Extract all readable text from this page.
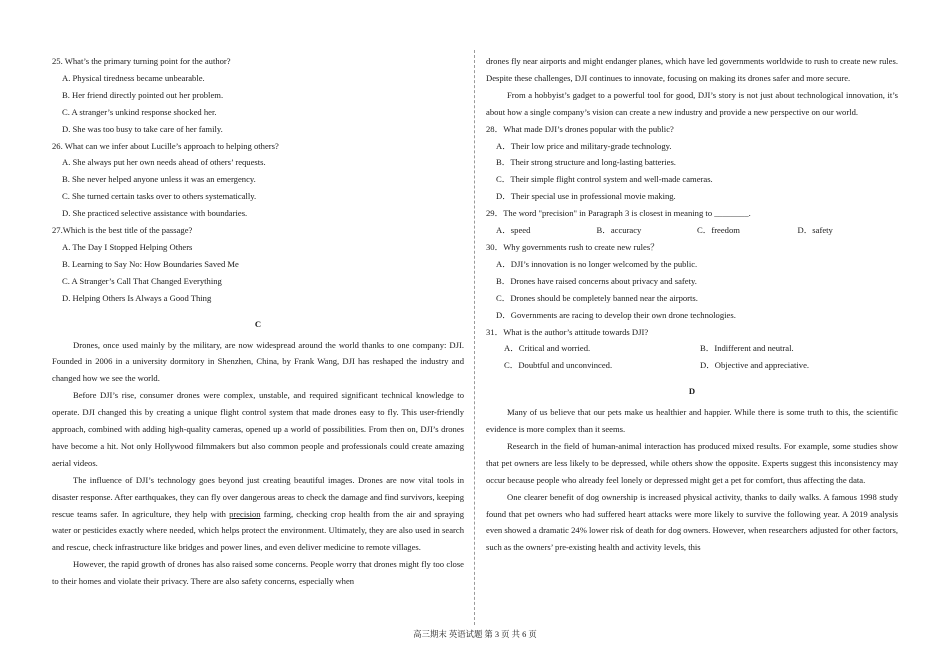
25. What’s the primary turning point for the author?

A. Physical tiredness became unbearable.

B. Her friend directly pointed out her problem.

C. A stranger’s unkind response shocked her.

D. She was too busy to take care of her family.

26. What can we infer about Lucille’s approach to helping others?

A. She always put her own needs ahead of others’ requests.

B. She never helped anyone unless it was an emergency.

C. She turned certain tasks over to others systematically.

D. She practiced selective assistance with boundaries.

27.Which is the best title of the passage?

A. The Day I Stopped Helping Others

B. Learning to Say No: How Boundaries Saved Me

C. A Stranger’s Call That Changed Everything

D. Helping Others Is Always a Good Thing

C

Drones, once used mainly by the military, are now widespread around the world thanks to one company: DJI. Founded in 2006 in a university dormitory in Shenzhen, China, by Frank Wang, DJI has reshaped the industry and changed how we see the world.

Before DJI’s rise, consumer drones were complex, unstable, and required significant technical knowledge to operate. DJI changed this by creating a unique flight control system that made drones easy to fly. This user-friendly approach, combined with adding high-quality cameras, opened up a world of possibilities. From then on, DJI’s drones have become a hit. Not only Hollywood filmmakers but also common people and professionals could create amazing aerial videos.

The influence of DJI’s technology goes beyond just creating beautiful images. Drones are now vital tools in disaster response. After earthquakes, they can fly over dangerous areas to check the damage and find survivors, keeping rescue teams safer. In agriculture, they help with precision farming, checking crop health from the air and spraying water or pesticides exactly where needed, which helps protect the environment. Ultimately, they are also used in search and rescue, check infrastructure like bridges and power lines, and even deliver medicine to remote villages.

However, the rapid growth of drones has also raised some concerns. People worry that drones might fly too close to their homes and violate their privacy. There are also safety concerns, especially when

drones fly near airports and might endanger planes, which have led governments worldwide to rush to create new rules. Despite these challenges, DJI continues to innovate, focusing on making its drones safer and more secure.

From a hobbyist’s gadget to a powerful tool for good, DJI’s story is not just about technological innovation, it’s about how a single company’s vision can create a new industry and provide a new perspective on our world.

28．What made DJI’s drones popular with the public?

A．Their low price and military-grade technology.

B．Their strong structure and long-lasting batteries.

C．Their simple flight control system and well-made cameras.

D．Their special use in professional movie making.

29．The word "precision" in Paragraph 3 is closest in meaning to ________.

A．speed	B．accuracy	C．freedom	D．safety

30．Why governments rush to create new rules？

A．DJI’s innovation is no longer welcomed by the public.

B．Drones have raised concerns about privacy and safety.

C．Drones should be completely banned near the airports.

D．Governments are racing to develop their own drone technologies.

31．What is the author’s attitude towards DJI?

A．Critical and worried.	B．Indifferent and neutral.
C．Doubtful and unconvinced.	D．Objective and appreciative.

D

Many of us believe that our pets make us healthier and happier. While there is some truth to this, the scientific evidence is more complex than it seems.

Research in the field of human-animal interaction has produced mixed results. For example, some studies show that pet owners are less likely to be depressed, while others show the opposite. Experts suggest this inconsistency may occur because people who already feel lonely or depressed might get a pet for comfort, thus affecting the data.

One clearer benefit of dog ownership is increased physical activity, thanks to daily walks. A famous 1998 study found that pet owners who had suffered heart attacks were more likely to survive the following year. A 2019 analysis even showed a dramatic 24% lower risk of death for dog owners. However, when researchers adjusted for other factors, such as the owners’ pre-existing health and activity levels, this

高三期末 英语试题 第 3 页 共 6 页
